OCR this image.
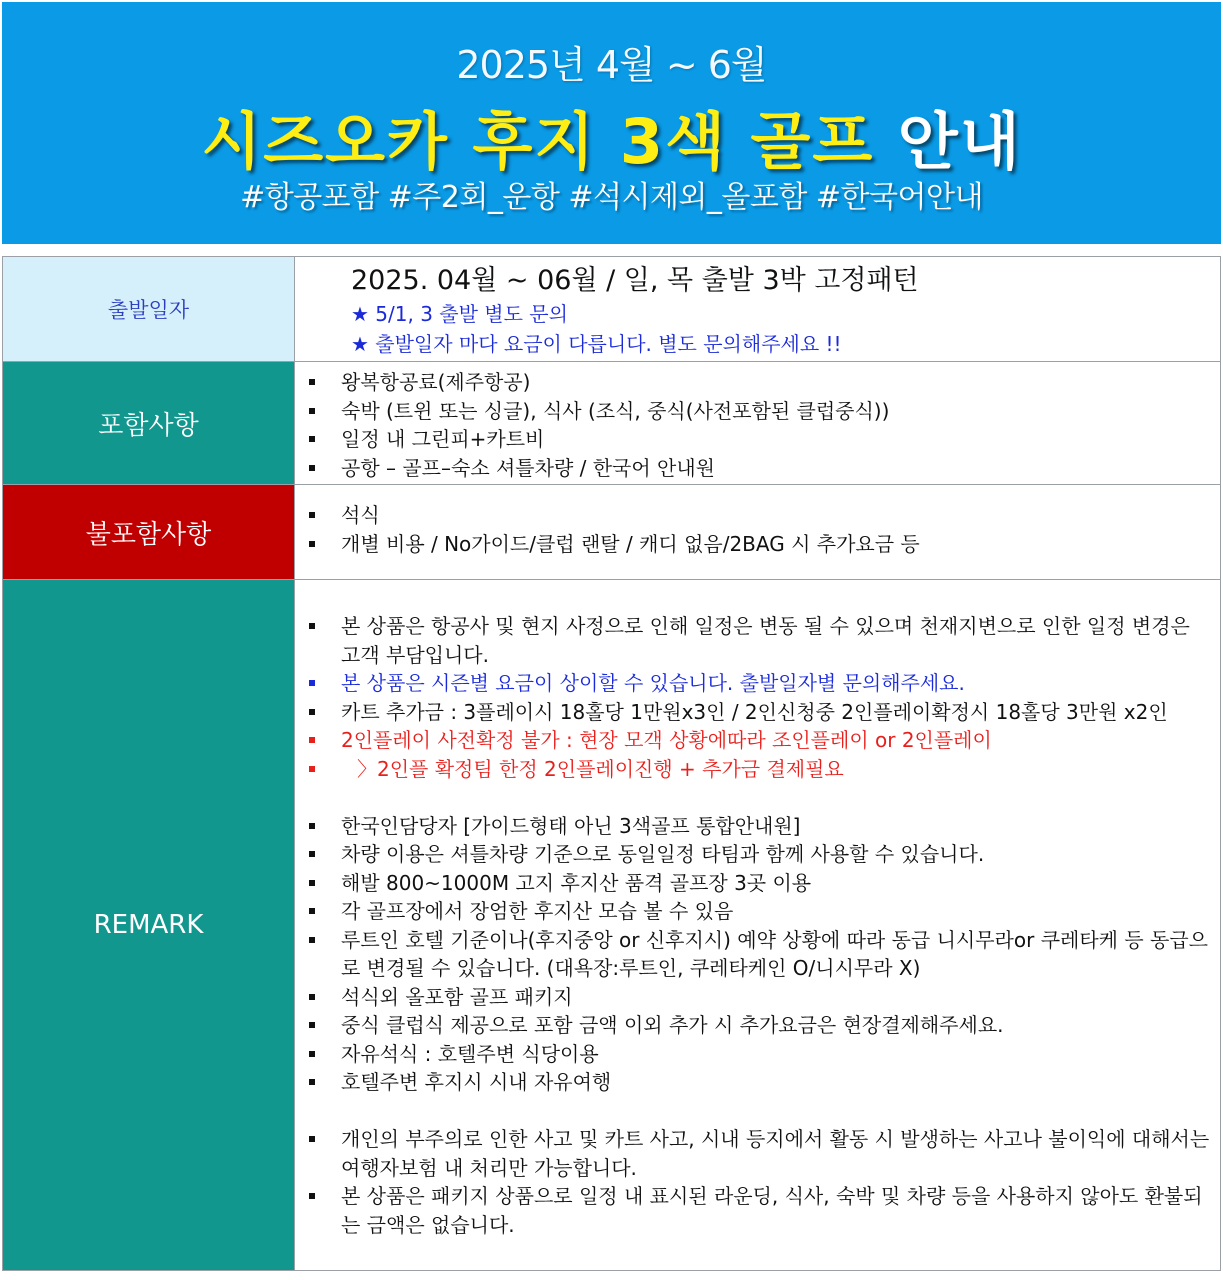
2025년 4월 ~ 6월
시즈오카 후지 3색 골프 안내
#항공포함 #주2회_운항 #석시제외_올포함 #한국어안내
출발일자
2025. 04월 ~ 06월 / 일, 목 출발 3박 고정패턴
★ 5/1, 3 출발 별도 문의
★ 출발일자 마다 요금이 다릅니다. 별도 문의해주세요 !!
포함사항
왕복항공료(제주항공)
숙박 (트윈 또는 싱글), 식사 (조식, 중식(사전포함된 클럽중식))
일정 내 그린피+카트비
공항 – 골프–숙소 셔틀차량 / 한국어 안내원
불포함사항
석식
개별 비용 / No가이드/클럽 랜탈 / 캐디 없음/2BAG 시 추가요금 등
REMARK
본 상품은 항공사 및 현지 사정으로 인해 일정은 변동 될 수 있으며 천재지변으로 인한 일정 변경은 고객 부담입니다.
본 상품은 시즌별 요금이 상이할 수 있습니다. 출발일자별 문의해주세요.
카트 추가금 : 3플레이시 18홀당 1만원x3인 / 2인신청중 2인플레이확정시 18홀당 3만원 x2인
2인플레이 사전확정 불가 : 현장 모객 상황에따라 조인플레이 or 2인플레이
〉2인플 확정팀 한정 2인플레이진행 + 추가금 결제필요
한국인담당자 [가이드형태 아닌 3색골프 통합안내원]
차량 이용은 셔틀차량 기준으로 동일일정 타팀과 함께 사용할 수 있습니다.
해발 800~1000M 고지 후지산 품격 골프장 3곳 이용
각 골프장에서 장엄한 후지산 모습 볼 수 있음
루트인 호텔 기준이나(후지중앙 or 신후지시) 예약 상황에 따라 동급 니시무라or 쿠레타케 등 동급으로 변경될 수 있습니다. (대욕장:루트인, 쿠레타케인 O/니시무라 X)
석식외 올포함 골프 패키지
중식 클럽식 제공으로 포함 금액 이외 추가 시 추가요금은 현장결제해주세요.
자유석식 : 호텔주변 식당이용
호텔주변 후지시 시내 자유여행
개인의 부주의로 인한 사고 및 카트 사고, 시내 등지에서 활동 시 발생하는 사고나 불이익에 대해서는 여행자보험 내 처리만 가능합니다.
본 상품은 패키지 상품으로 일정 내 표시된 라운딩, 식사, 숙박 및 차량 등을 사용하지 않아도 환불되는 금액은 없습니다.
